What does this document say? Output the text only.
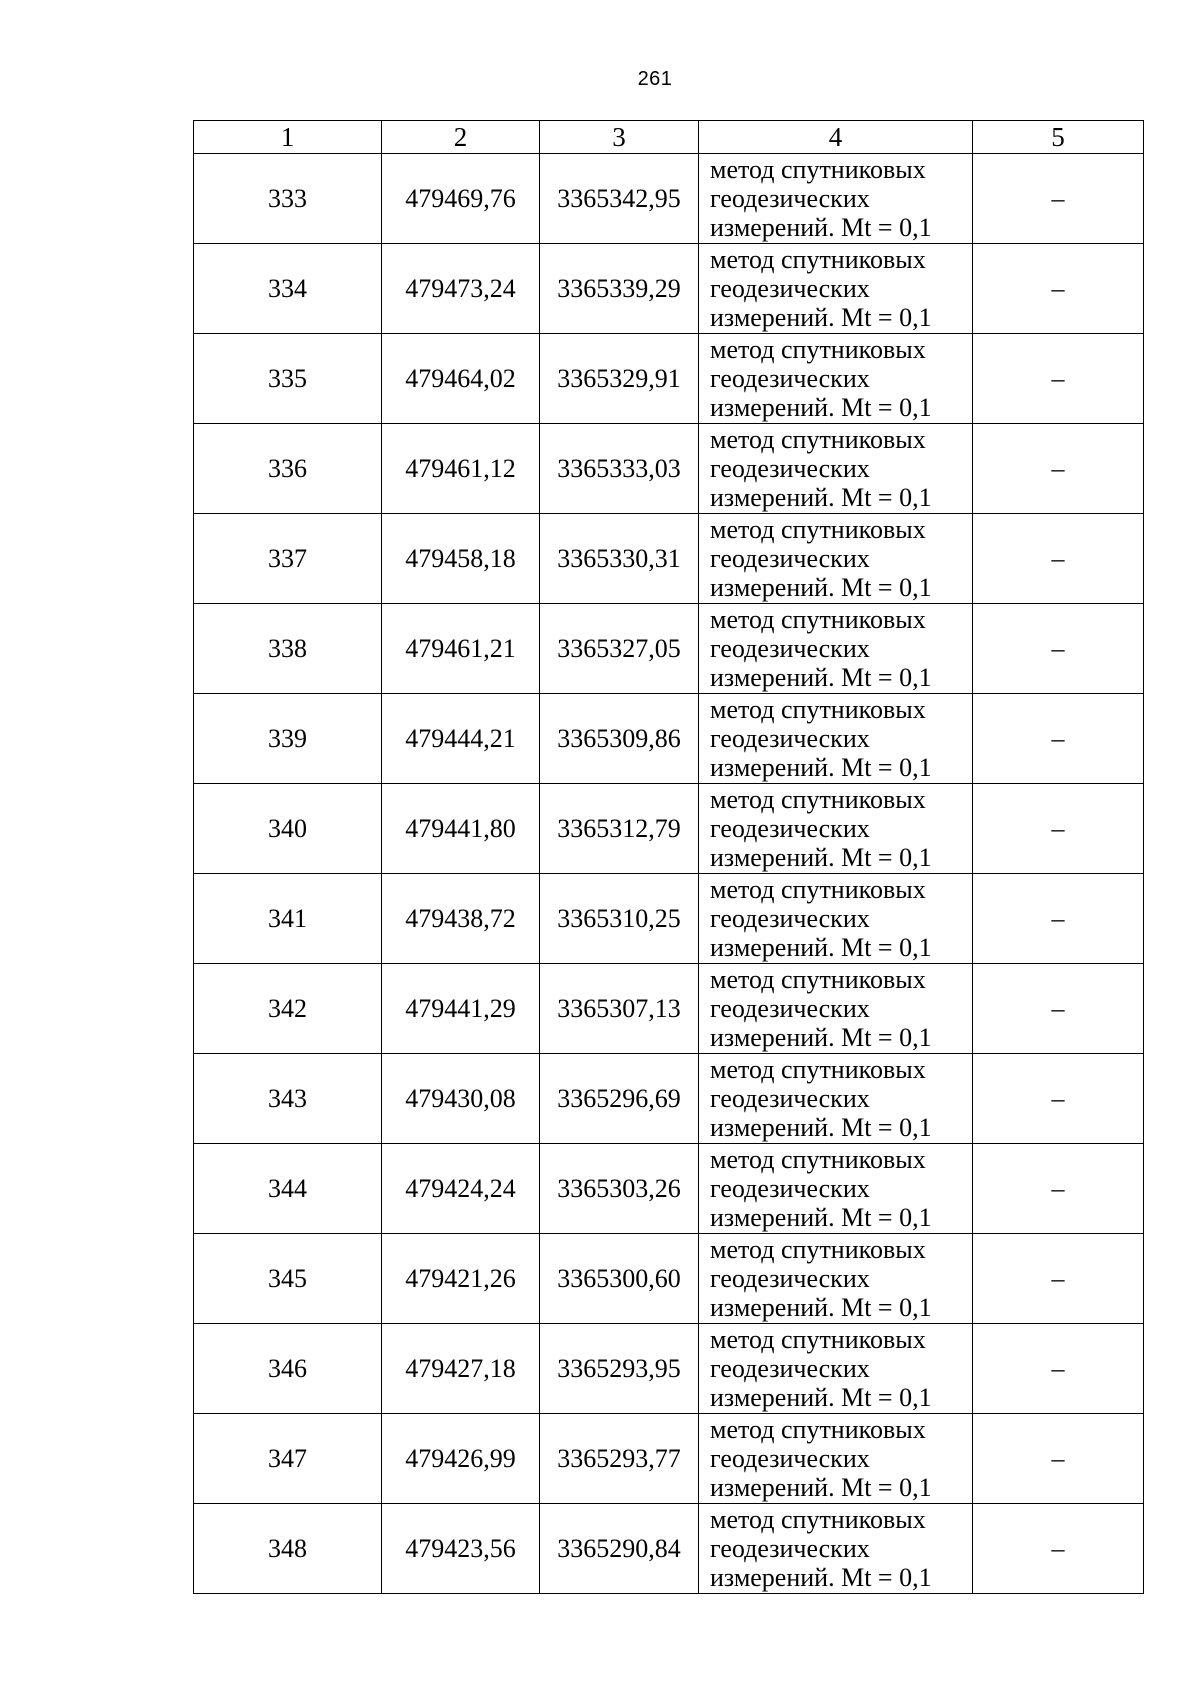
261
1	2	3	4	5
333	479469,76	3365342,95	метод спутниковых
геодезических
измерений. Mt = 0,1	–
334	479473,24	3365339,29	метод спутниковых
геодезических
измерений. Mt = 0,1	–
335	479464,02	3365329,91	метод спутниковых
геодезических
измерений. Mt = 0,1	–
336	479461,12	3365333,03	метод спутниковых
геодезических
измерений. Mt = 0,1	–
337	479458,18	3365330,31	метод спутниковых
геодезических
измерений. Mt = 0,1	–
338	479461,21	3365327,05	метод спутниковых
геодезических
измерений. Mt = 0,1	–
339	479444,21	3365309,86	метод спутниковых
геодезических
измерений. Mt = 0,1	–
340	479441,80	3365312,79	метод спутниковых
геодезических
измерений. Mt = 0,1	–
341	479438,72	3365310,25	метод спутниковых
геодезических
измерений. Mt = 0,1	–
342	479441,29	3365307,13	метод спутниковых
геодезических
измерений. Mt = 0,1	–
343	479430,08	3365296,69	метод спутниковых
геодезических
измерений. Mt = 0,1	–
344	479424,24	3365303,26	метод спутниковых
геодезических
измерений. Mt = 0,1	–
345	479421,26	3365300,60	метод спутниковых
геодезических
измерений. Mt = 0,1	–
346	479427,18	3365293,95	метод спутниковых
геодезических
измерений. Mt = 0,1	–
347	479426,99	3365293,77	метод спутниковых
геодезических
измерений. Mt = 0,1	–
348	479423,56	3365290,84	метод спутниковых
геодезических
измерений. Mt = 0,1	–
